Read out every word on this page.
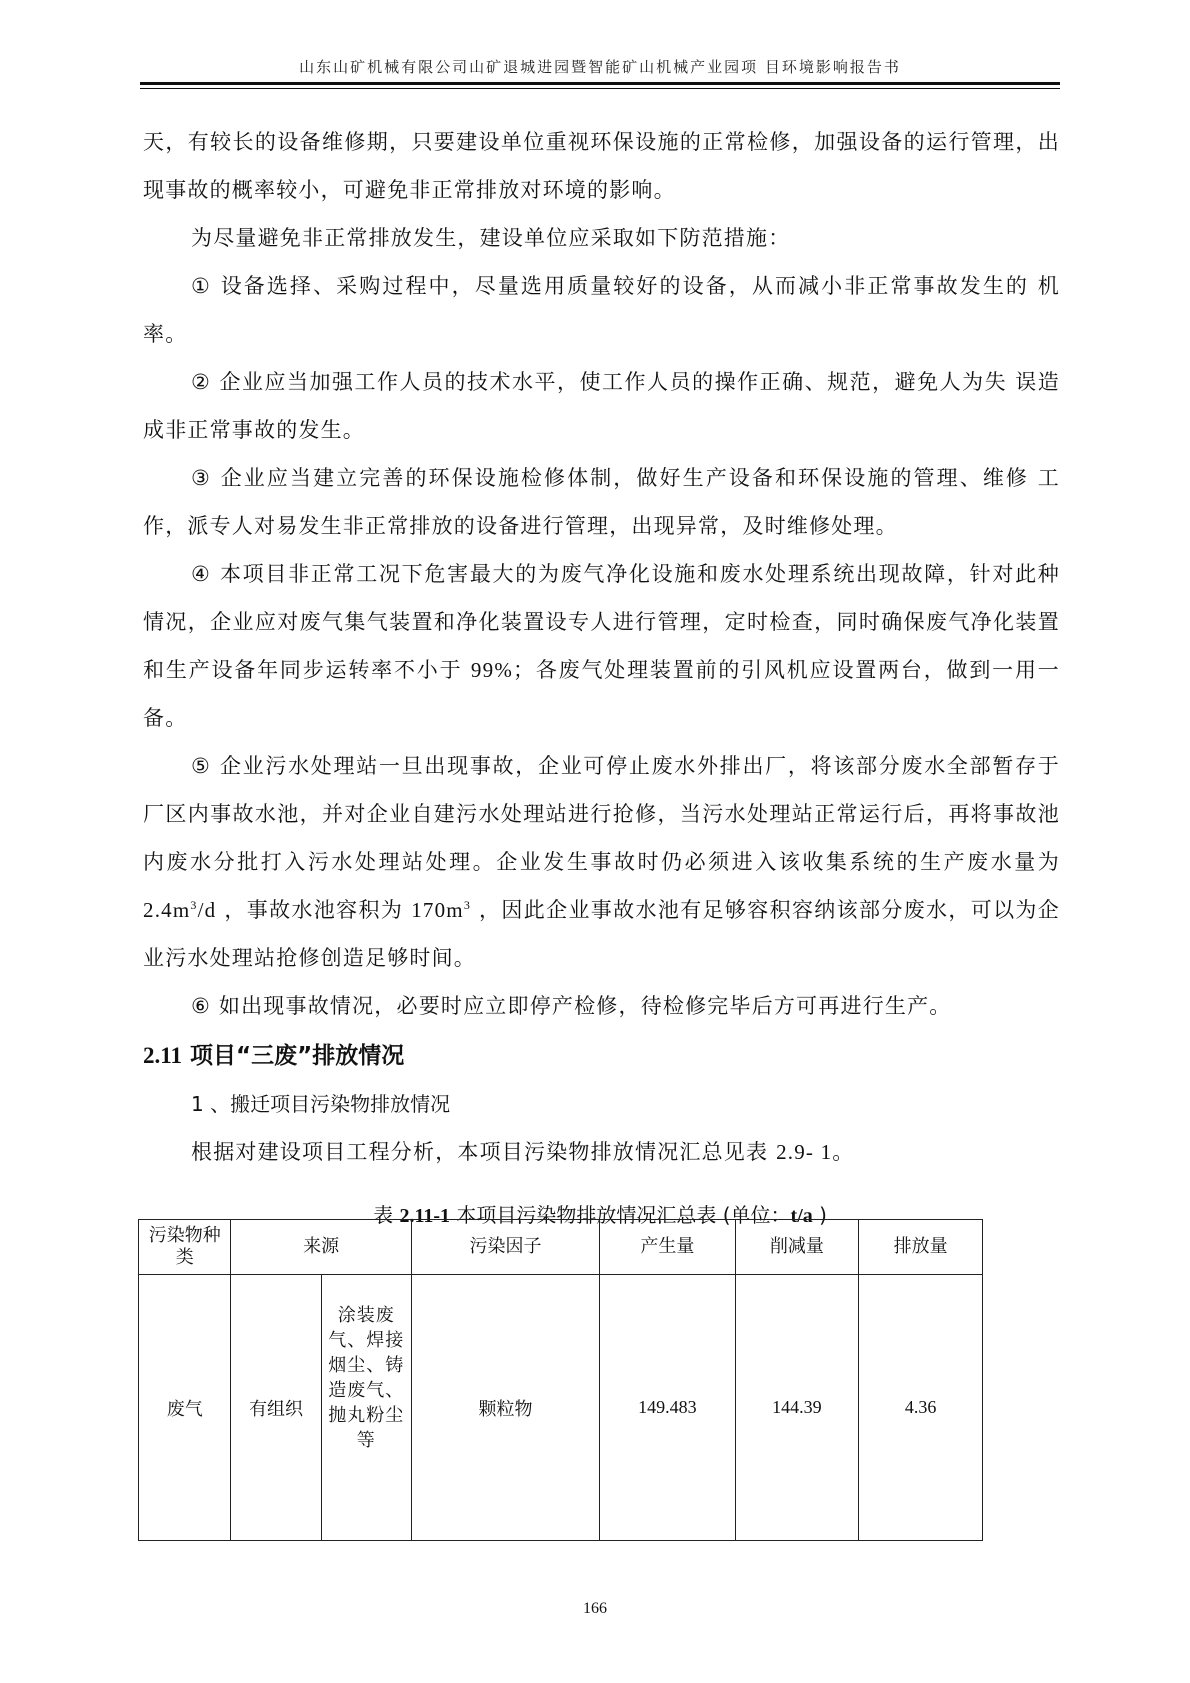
山东山矿机械有限公司山矿退城进园暨智能矿山机械产业园项 目环境影响报告书

天，有较长的设备维修期，只要建设单位重视环保设施的正常检修，加强设备的运行管理，出现事故的概率较小，可避免非正常排放对环境的影响。

为尽量避免非正常排放发生，建设单位应采取如下防范措施：

① 设备选择、采购过程中，尽量选用质量较好的设备，从而减小非正常事故发生的 机率。

② 企业应当加强工作人员的技术水平，使工作人员的操作正确、规范，避免人为失 误造成非正常事故的发生。

③ 企业应当建立完善的环保设施检修体制，做好生产设备和环保设施的管理、维修 工作，派专人对易发生非正常排放的设备进行管理，出现异常，及时维修处理。

④ 本项目非正常工况下危害最大的为废气净化设施和废水处理系统出现故障，针对此种情况，企业应对废气集气装置和净化装置设专人进行管理，定时检查，同时确保废气净化装置和生产设备年同步运转率不小于 99%；各废气处理装置前的引风机应设置两台，做到一用一备。

⑤ 企业污水处理站一旦出现事故，企业可停止废水外排出厂，将该部分废水全部暂存于厂区内事故水池，并对企业自建污水处理站进行抢修，当污水处理站正常运行后，再将事故池内废水分批打入污水处理站处理。企业发生事故时仍必须进入该收集系统的生产废水量为 $2.4m^3/d$ ，事故水池容积为 $170m^3$ ，因此企业事故水池有足够容积容纳该部分废水，可以为企业污水处理站抢修创造足够时间。

⑥ 如出现事故情况，必要时应立即停产检修，待检修完毕后方可再进行生产。

2.11 项目“三废”排放情况

1 、搬迁项目污染物排放情况

根据对建设项目工程分析，本项目污染物排放情况汇总见表 2.9- 1。

表 2.11-1 本项目污染物排放情况汇总表 (单位：t/a )
污染物种类	来源		污染因子	产生量	削减量	排放量
废气	有组织	涂装废气、焊接烟尘、铸造废气、抛丸粉尘等	颗粒物	149.483	144.39	4.36
166
